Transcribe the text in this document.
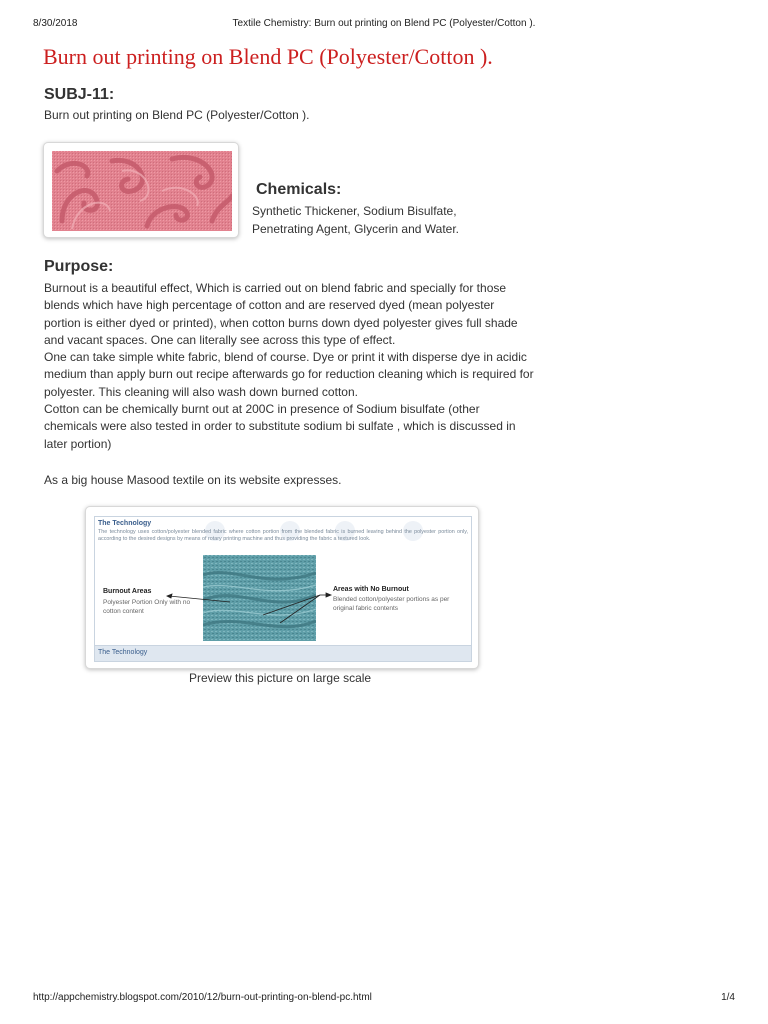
8/30/2018	Textile Chemistry: Burn out printing on Blend PC (Polyester/Cotton ).
Burn out printing on Blend PC (Polyester/Cotton ).
SUBJ-11:
Burn out printing on Blend PC (Polyester/Cotton ).
Chemicals:
Synthetic Thickener, Sodium Bisulfate, Penetrating Agent, Glycerin and Water.
Purpose:

Burnout is a beautiful effect, Which is carried out on blend fabric and specially for those blends which have high percentage of cotton and are reserved dyed (mean polyester portion is either dyed or printed), when cotton burns down dyed polyester gives full shade and vacant spaces. One can literally see across this type of effect.

One can take simple white fabric, blend of course. Dye or print it with disperse dye in acidic medium than apply burn out recipe afterwards go for reduction cleaning which is required for polyester. This cleaning will also wash down burned cotton.

Cotton can be chemically burnt out at 200C in presence of Sodium bisulfate (other chemicals were also tested in order to substitute sodium bi sulfate , which is discussed in later portion)

As a big house Masood textile on its website expresses.
The Technology
The technology uses cotton/polyester blended fabric where cotton portion from the blended fabric is burned leaving behind the polyester portion only, according to the desired designs by means of rotary printing machine and thus providing the fabric a textured look.
Burnout Areas
Polyester Portion Only with no cotton content
Areas with No Burnout
Blended cotton/polyester portions as per original fabric contents
The Technology
Preview this picture on large scale
http://appchemistry.blogspot.com/2010/12/burn-out-printing-on-blend-pc.html	1/4
